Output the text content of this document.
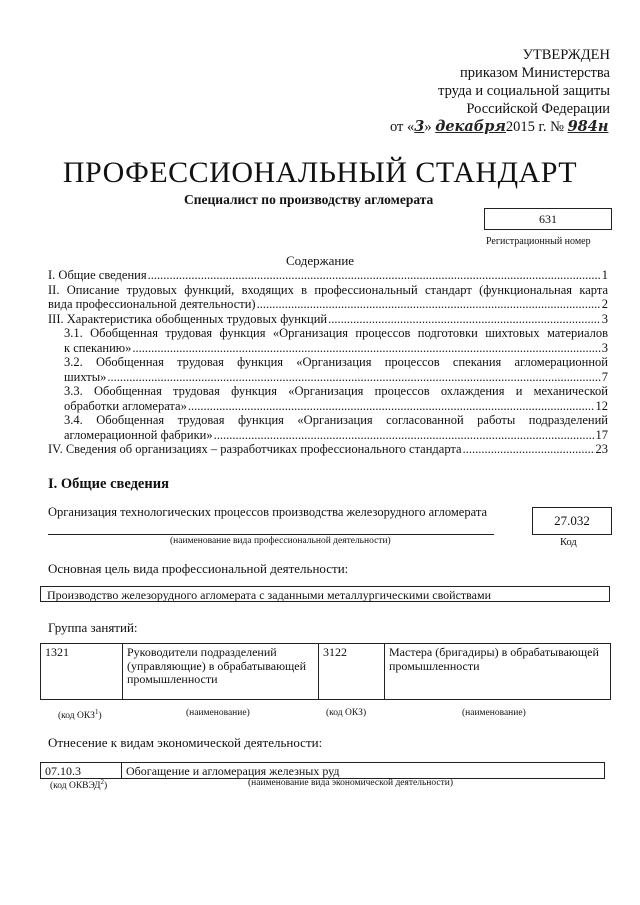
УТВЕРЖДЕН
приказом Министерства
труда и социальной защиты
Российской Федерации
от «3» декабря2015 г. № 984н
ПРОФЕССИОНАЛЬНЫЙ СТАНДАРТ
Специалист по производству агломерата
631
Регистрационный номер
Содержание
I. Общие сведения .....	1
II. Описание трудовых функций, входящих в профессиональный стандарт (функциональная карта
вида профессиональной деятельности) .....	2
III. Характеристика обобщенных трудовых функций .....	3
3.1. Обобщенная трудовая функция «Организация процессов подготовки шихтовых материалов
к спеканию» .....	3
3.2. Обобщенная трудовая функция «Организация процессов спекания агломерационной
шихты» .....	7
3.3. Обобщенная трудовая функция «Организация процессов охлаждения и механической
обработки агломерата» .....	12
3.4. Обобщенная трудовая функция «Организация согласованной работы подразделений
агломерационной фабрики» .....	17
IV. Сведения об организациях – разработчиках профессионального стандарта .....	23
I. Общие сведения
Организация технологических процессов производства железорудного агломерата
(наименование вида профессиональной деятельности)
27.032
Код
Основная цель вида профессиональной деятельности:
Производство железорудного агломерата с заданными металлургическими свойствами
Группа занятий:
1321	Руководители подразделений (управляющие) в обрабатывающей промышленности	3122	Мастера (бригадиры) в обрабатывающей промышленности
(код ОКЗ$^1$)	(наименование)	(код ОКЗ)	(наименование)
Отнесение к видам экономической деятельности:
07.10.3	Обогащение и агломерация железных руд
(код ОКВЭД$^2$)	(наименование вида экономической деятельности)
